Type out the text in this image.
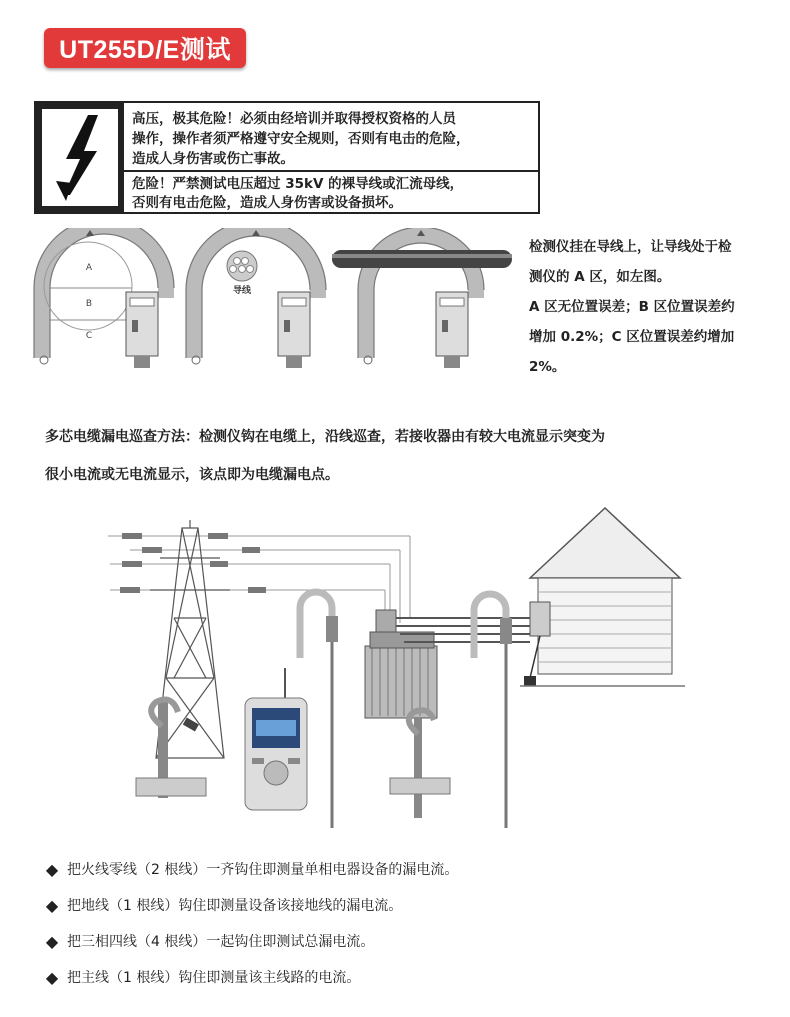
UT255D/E测试
高压，极其危险！必须由经培训并取得授权资格的人员
操作，操作者须严格遵守安全规则，否则有电击的危险，
造成人身伤害或伤亡事故。
危险！严禁测试电压超过 35kV 的裸导线或汇流母线，
否则有电击危险，造成人身伤害或设备损坏。
A
B
C
导线
检测仪挂在导线上，让导线处于检
测仪的 A 区，如左图。
A 区无位置误差；B 区位置误差约
增加 0.2%；C 区位置误差约增加
2%。
多芯电缆漏电巡查方法：检测仪钩在电缆上，沿线巡查，若接收器由有较大电流显示突变为
很小电流或无电流显示，该点即为电缆漏电点。
◆ 把火线零线（2 根线）一齐钩住即测量单相电器设备的漏电流。
◆ 把地线（1 根线）钩住即测量设备该接地线的漏电流。
◆ 把三相四线（4 根线）一起钩住即测试总漏电流。
◆ 把主线（1 根线）钩住即测量该主线路的电流。
